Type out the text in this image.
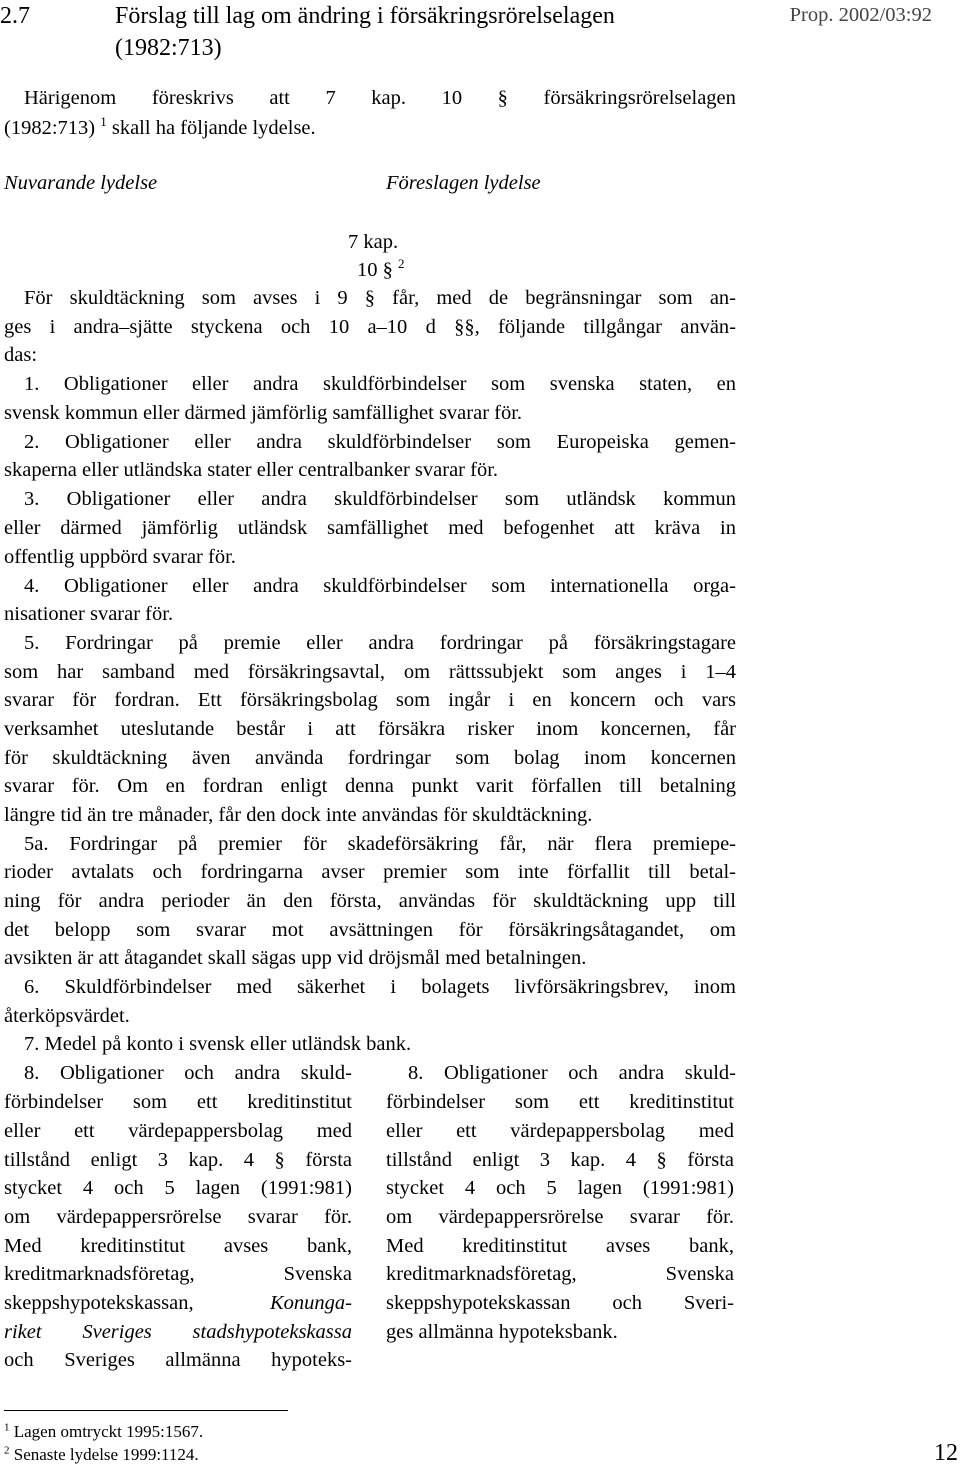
2.7	Förslag till lag om ändring i försäkringsrörelselagen
(1982:713)
Prop. 2002/03:92
Härigenom föreskrivs att 7 kap. 10 § försäkringsrörelselagen
(1982:713) $^1$ skall ha följande lydelse.
Nuvarande lydelse	Föreslagen lydelse
7 kap.
10 § $^2$
För skuldtäckning som avses i 9 § får, med de begränsningar som an-
ges i andra–sjätte styckena och 10 a–10 d §§, följande tillgångar använ-
das:
1. Obligationer eller andra skuldförbindelser som svenska staten, en
svensk kommun eller därmed jämförlig samfällighet svarar för.
2. Obligationer eller andra skuldförbindelser som Europeiska gemen-
skaperna eller utländska stater eller centralbanker svarar för.
3. Obligationer eller andra skuldförbindelser som utländsk kommun
eller därmed jämförlig utländsk samfällighet med befogenhet att kräva in
offentlig uppbörd svarar för.
4. Obligationer eller andra skuldförbindelser som internationella orga-
nisationer svarar för.
5. Fordringar på premie eller andra fordringar på försäkringstagare
som har samband med försäkringsavtal, om rättssubjekt som anges i 1–4
svarar för fordran. Ett försäkringsbolag som ingår i en koncern och vars
verksamhet uteslutande består i att försäkra risker inom koncernen, får
för skuldtäckning även använda fordringar som bolag inom koncernen
svarar för. Om en fordran enligt denna punkt varit förfallen till betalning
längre tid än tre månader, får den dock inte användas för skuldtäckning.
5a. Fordringar på premier för skadeförsäkring får, när flera premiepe-
rioder avtalats och fordringarna avser premier som inte förfallit till betal-
ning för andra perioder än den första, användas för skuldtäckning upp till
det belopp som svarar mot avsättningen för försäkringsåtagandet, om
avsikten är att åtagandet skall sägas upp vid dröjsmål med betalningen.
6. Skuldförbindelser med säkerhet i bolagets livförsäkringsbrev, inom
återköpsvärdet.
7. Medel på konto i svensk eller utländsk bank.
8. Obligationer och andra skuld-
förbindelser som ett kreditinstitut
eller ett värdepappersbolag med
tillstånd enligt 3 kap. 4 § första
stycket 4 och 5 lagen (1991:981)
om värdepappersrörelse svarar för.
Med kreditinstitut avses bank,
kreditmarknadsföretag, Svenska
skeppshypotekskassan, Konunga-
riket Sveriges stadshypotekskassa
och Sveriges allmänna hypoteks-
8. Obligationer och andra skuld-
förbindelser som ett kreditinstitut
eller ett värdepappersbolag med
tillstånd enligt 3 kap. 4 § första
stycket 4 och 5 lagen (1991:981)
om värdepappersrörelse svarar för.
Med kreditinstitut avses bank,
kreditmarknadsföretag, Svenska
skeppshypotekskassan och Sveri-
ges allmänna hypoteksbank.
$^1$ Lagen omtryckt 1995:1567.
$^2$ Senaste lydelse 1999:1124.	12
